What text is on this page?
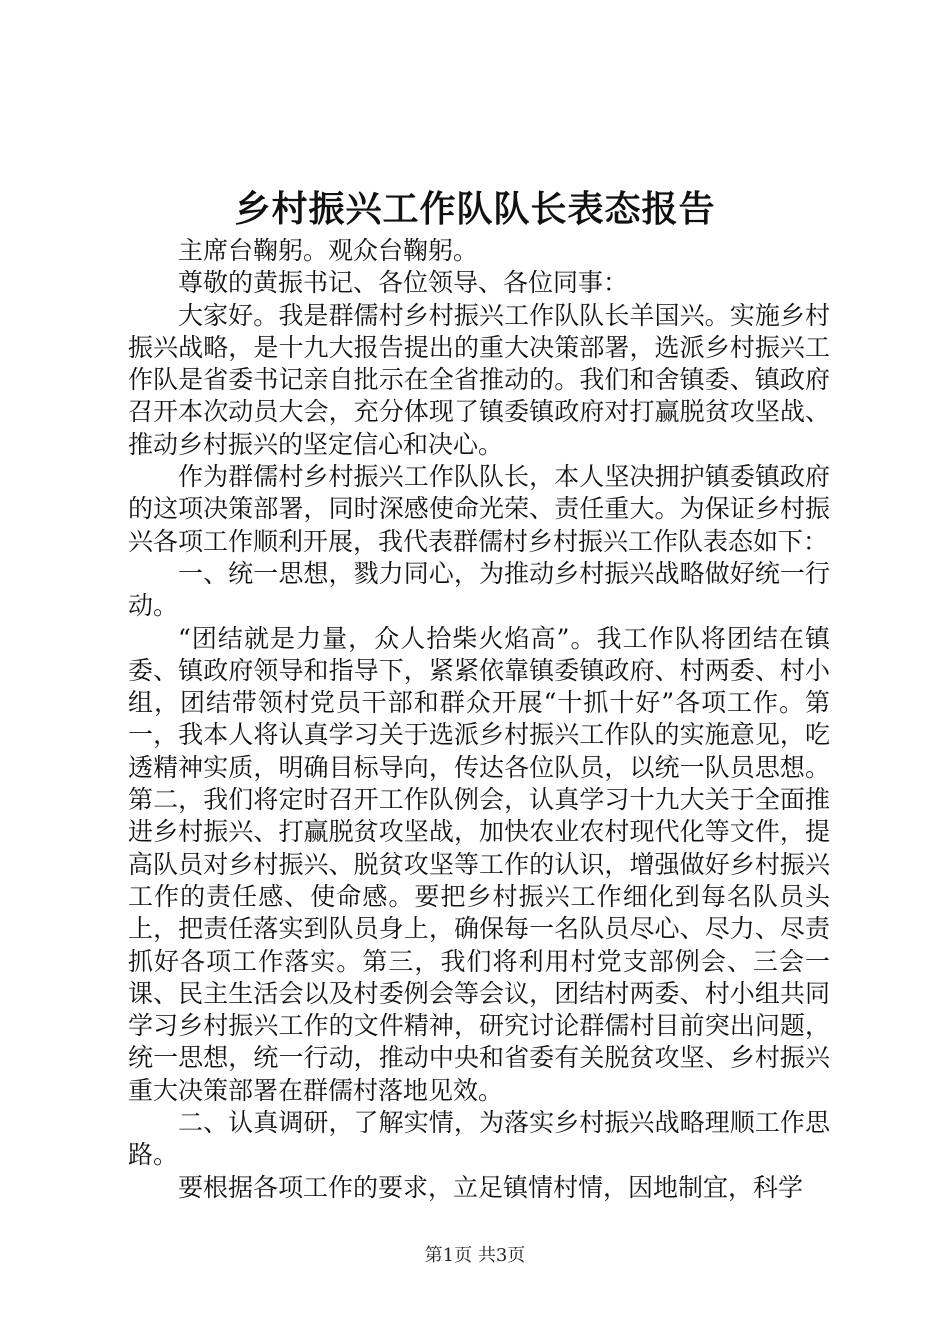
乡村振兴工作队队长表态报告

主席台鞠躬。观众台鞠躬。

尊敬的黄振书记、各位领导、各位同事：

大家好。我是群儒村乡村振兴工作队队长羊国兴。实施乡村振兴战略，是十九大报告提出的重大决策部署，选派乡村振兴工作队是省委书记亲自批示在全省推动的。我们和舍镇委、镇政府召开本次动员大会，充分体现了镇委镇政府对打赢脱贫攻坚战、推动乡村振兴的坚定信心和决心。

作为群儒村乡村振兴工作队队长，本人坚决拥护镇委镇政府的这项决策部署，同时深感使命光荣、责任重大。为保证乡村振兴各项工作顺利开展，我代表群儒村乡村振兴工作队表态如下：

一、统一思想，戮力同心，为推动乡村振兴战略做好统一行动。

“团结就是力量，众人拾柴火焰高”。我工作队将团结在镇委、镇政府领导和指导下，紧紧依靠镇委镇政府、村两委、村小组，团结带领村党员干部和群众开展“十抓十好”各项工作。第一，我本人将认真学习关于选派乡村振兴工作队的实施意见，吃透精神实质，明确目标导向，传达各位队员，以统一队员思想。第二，我们将定时召开工作队例会，认真学习十九大关于全面推进乡村振兴、打赢脱贫攻坚战，加快农业农村现代化等文件，提高队员对乡村振兴、脱贫攻坚等工作的认识，增强做好乡村振兴工作的责任感、使命感。要把乡村振兴工作细化到每名队员头上，把责任落实到队员身上，确保每一名队员尽心、尽力、尽责抓好各项工作落实。第三，我们将利用村党支部例会、三会一课、民主生活会以及村委例会等会议，团结村两委、村小组共同学习乡村振兴工作的文件精神，研究讨论群儒村目前突出问题，统一思想，统一行动，推动中央和省委有关脱贫攻坚、乡村振兴重大决策部署在群儒村落地见效。

二、认真调研，了解实情，为落实乡村振兴战略理顺工作思路。

要根据各项工作的要求，立足镇情村情，因地制宜，科学

第1页 共3页
